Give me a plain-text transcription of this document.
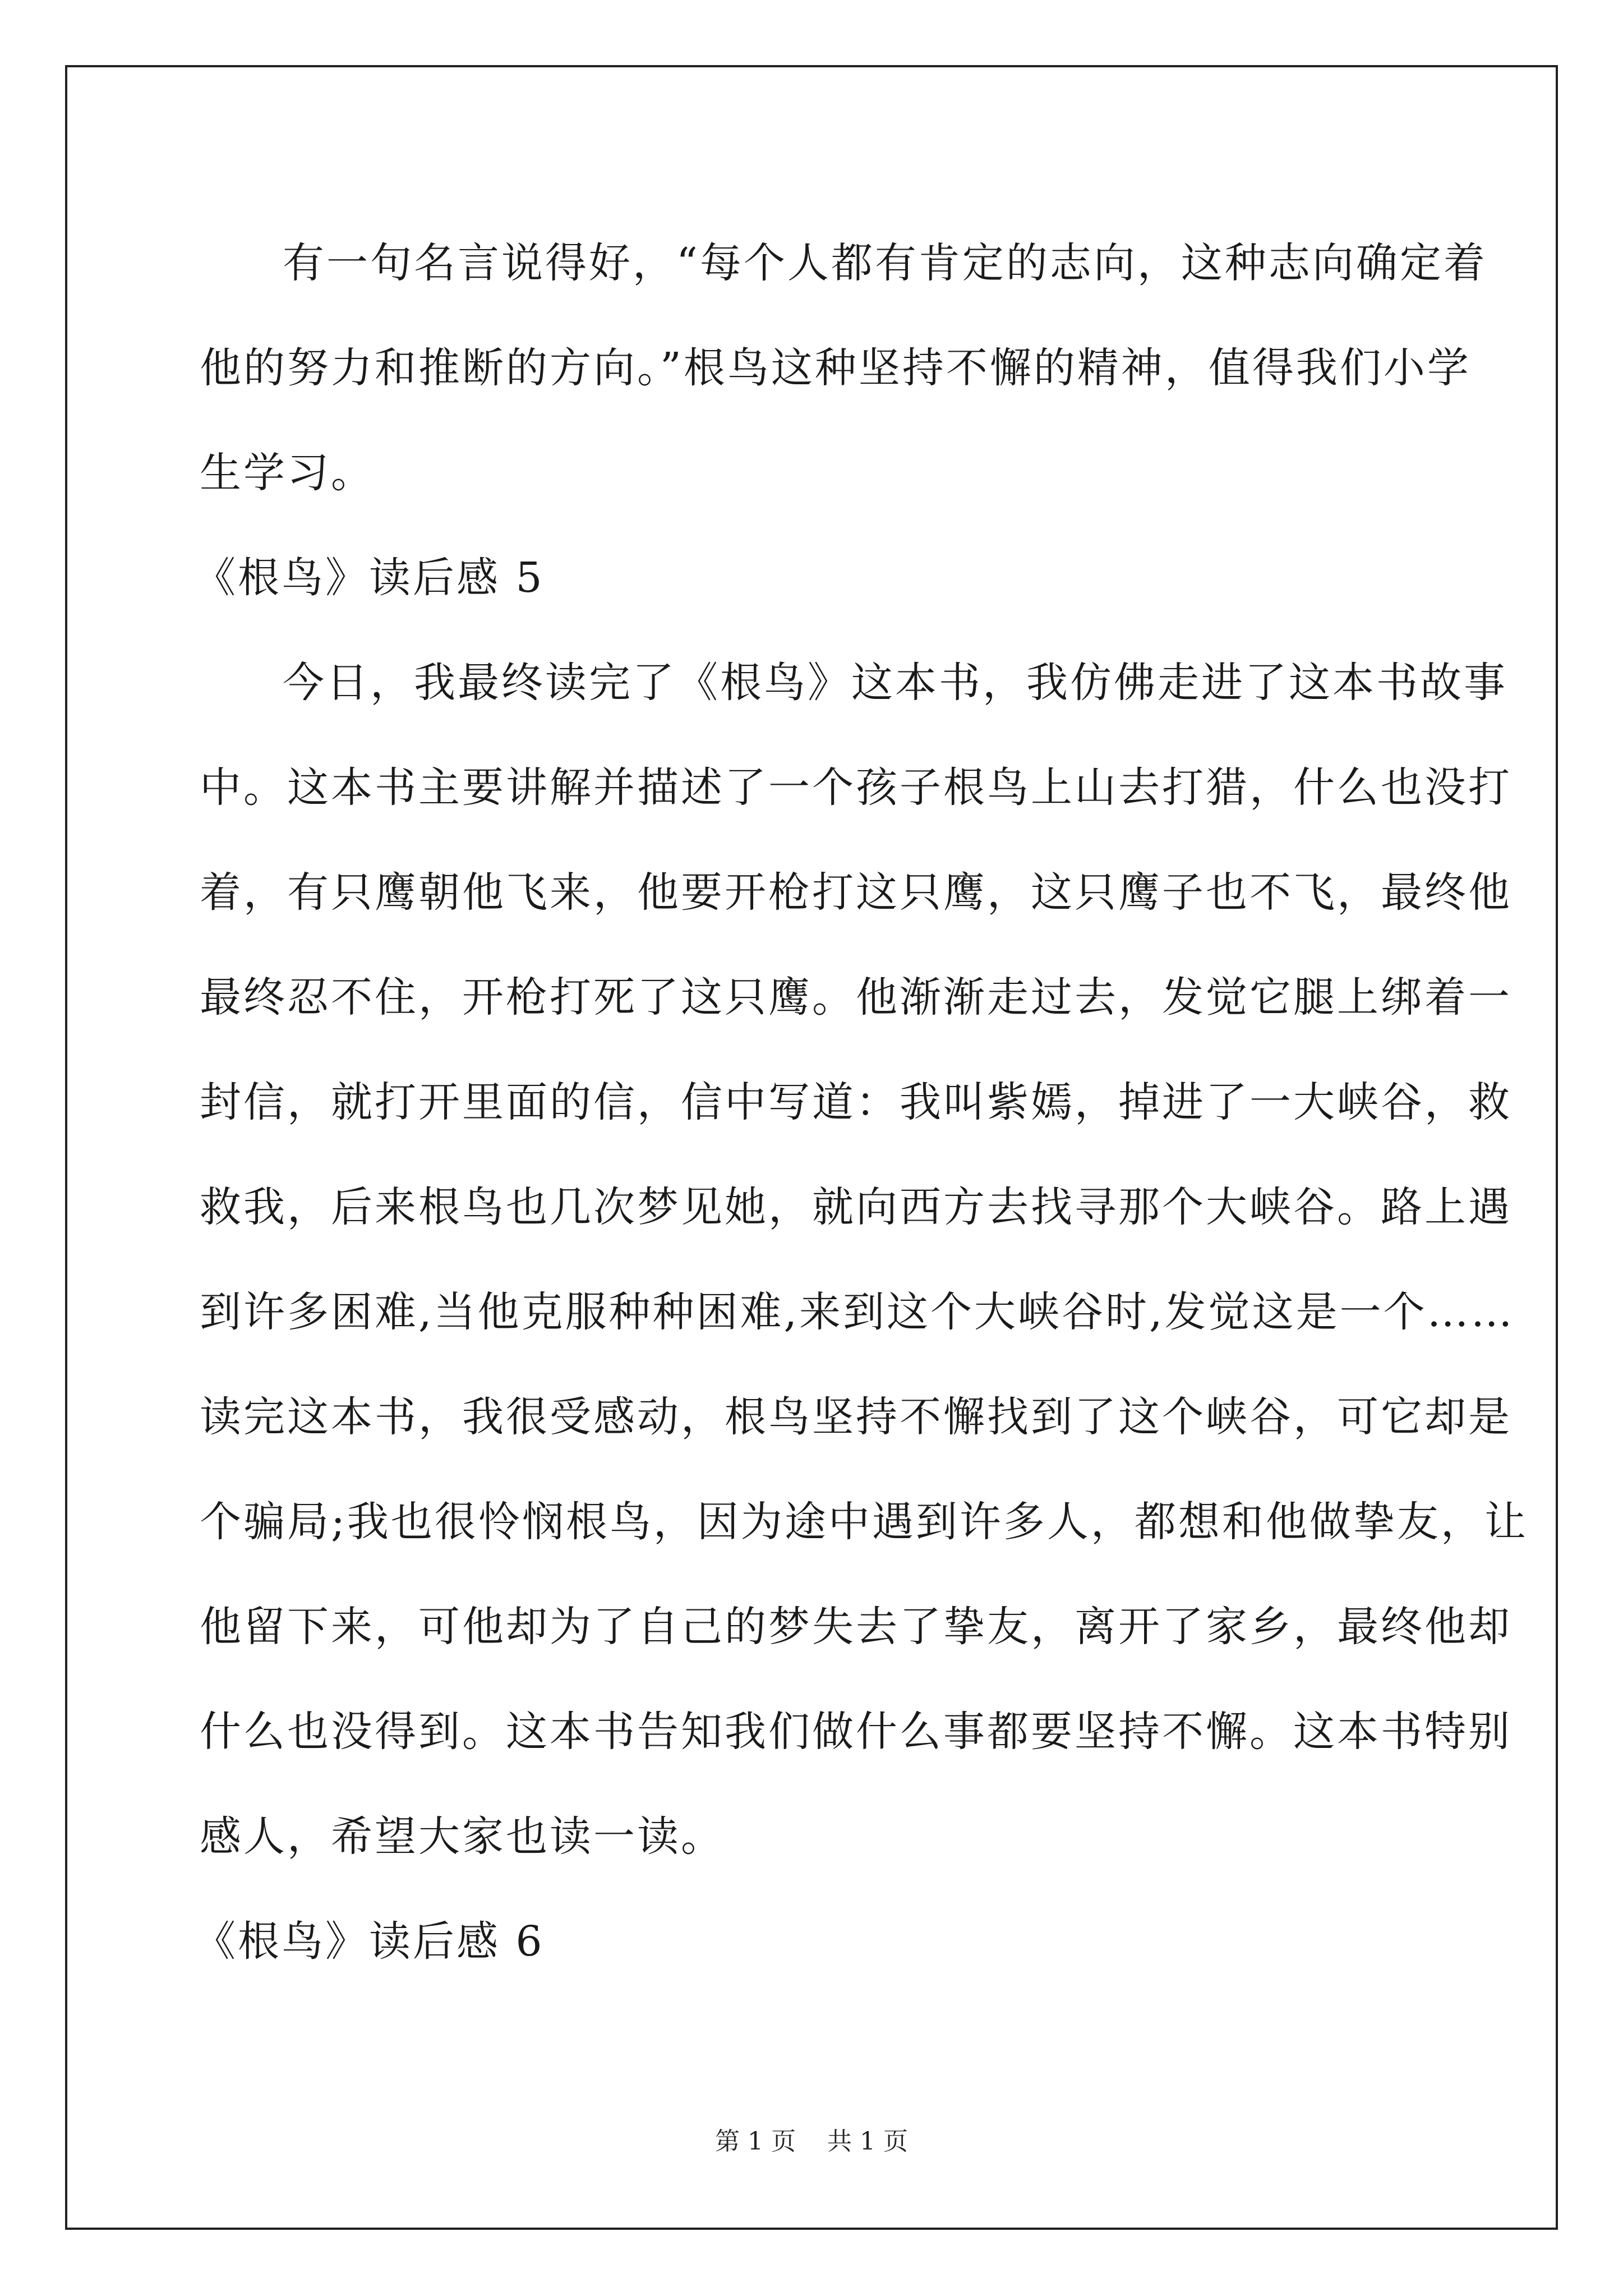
有一句名言说得好，“每个人都有肯定的志向，这种志向确定着
他的努力和推断的方向。”根鸟这种坚持不懈的精神，值得我们小学
生学习。
《根鸟》读后感 5
今日，我最终读完了《根鸟》这本书，我仿佛走进了这本书故事
中。这本书主要讲解并描述了一个孩子根鸟上山去打猎，什么也没打
着，有只鹰朝他飞来，他要开枪打这只鹰，这只鹰子也不飞，最终他
最终忍不住，开枪打死了这只鹰。他渐渐走过去，发觉它腿上绑着一
封信，就打开里面的信，信中写道：我叫紫嫣，掉进了一大峡谷，救
救我，后来根鸟也几次梦见她，就向西方去找寻那个大峡谷。路上遇
到许多困难,当他克服种种困难,来到这个大峡谷时,发觉这是一个……
读完这本书，我很受感动，根鸟坚持不懈找到了这个峡谷，可它却是
个骗局;我也很怜悯根鸟，因为途中遇到许多人，都想和他做挚友，让
他留下来，可他却为了自己的梦失去了挚友，离开了家乡，最终他却
什么也没得到。这本书告知我们做什么事都要坚持不懈。这本书特别
感人，希望大家也读一读。
《根鸟》读后感 6
第 1 页 共 1 页
